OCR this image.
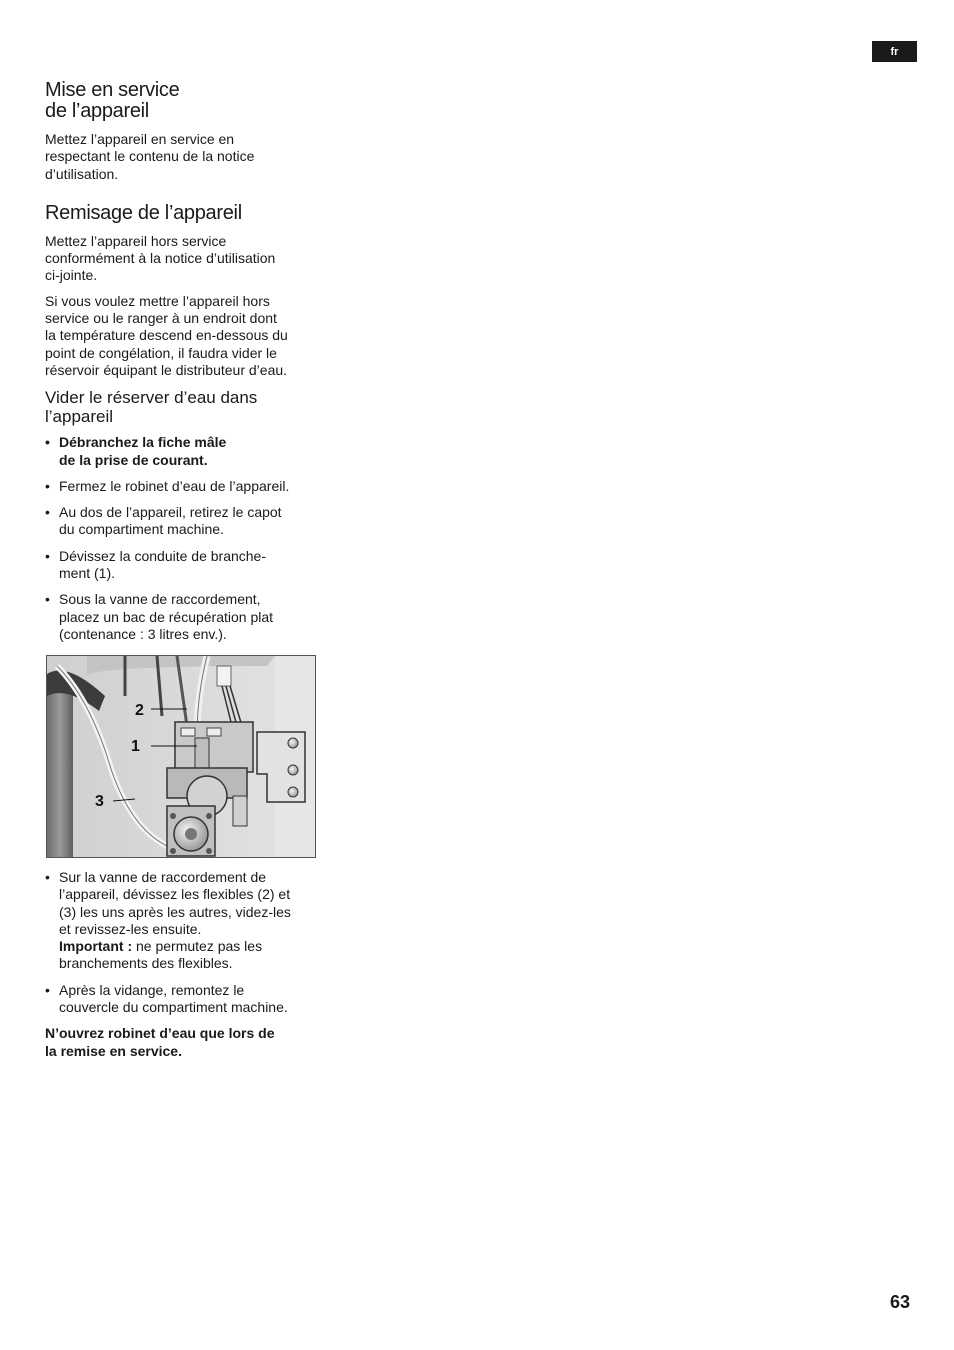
fr
Mise en service
de l’appareil

Mettez l’appareil en service en
respectant le contenu de la notice
d’utilisation.

Remisage de l’appareil

Mettez l’appareil hors service
conformément à la notice d’utilisation
ci-jointe.

Si vous voulez mettre l’appareil hors
service ou le ranger à un endroit dont
la température descend en-dessous du
point de congélation, il faudra vider le
réservoir équipant le distributeur d’eau.

Vider le réserver d’eau dans
l’appareil
• Débranchez la fiche mâle
de la prise de courant.
• Fermez le robinet d’eau de l’appareil.
• Au dos de l’appareil, retirez le capot
du compartiment machine.
• Dévissez la conduite de branche-
ment (1).
• Sous la vanne de raccordement,
placez un bac de récupération plat
(contenance : 3 litres env.).
2
1
3
• Sur la vanne de raccordement de
l’appareil, dévissez les flexibles (2) et
(3) les uns après les autres, videz-les
et revissez-les ensuite.
Important : ne permutez pas les
branchements des flexibles.
• Après la vidange, remontez le
couvercle du compartiment machine.

N’ouvrez robinet d’eau que lors de
la remise en service.

63
